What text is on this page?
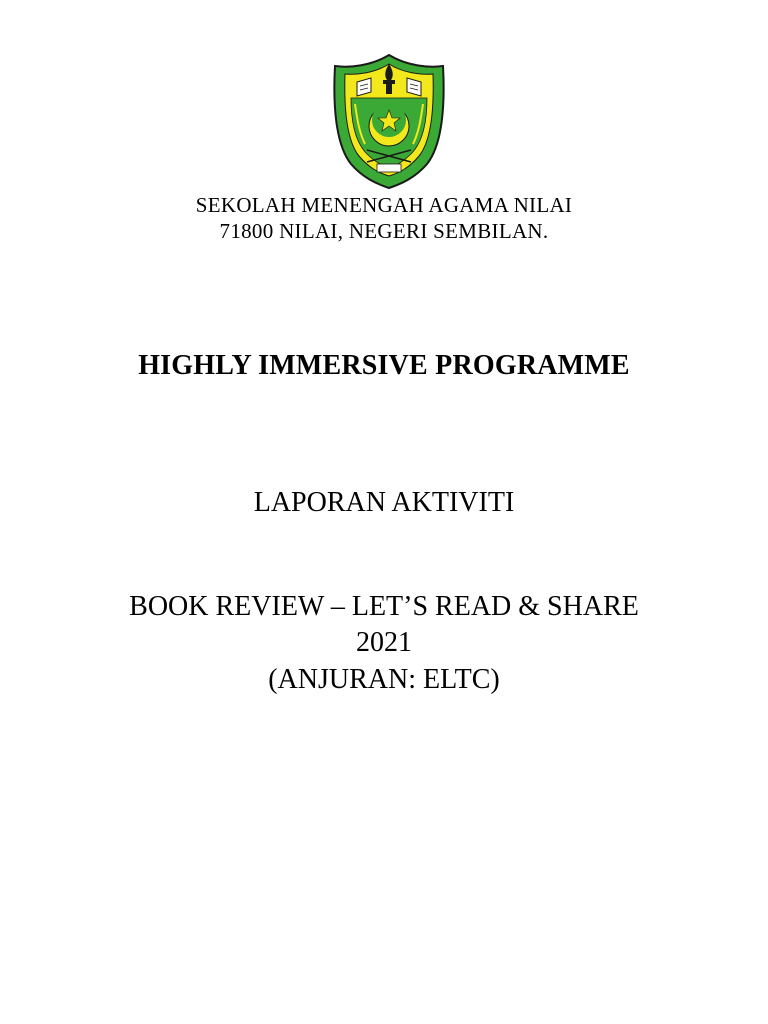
SEKOLAH MENENGAH AGAMA NILAI
71800 NILAI, NEGERI SEMBILAN.
HIGHLY IMMERSIVE PROGRAMME
LAPORAN AKTIVITI
BOOK REVIEW – LET’S READ & SHARE
2021
(ANJURAN: ELTC)
